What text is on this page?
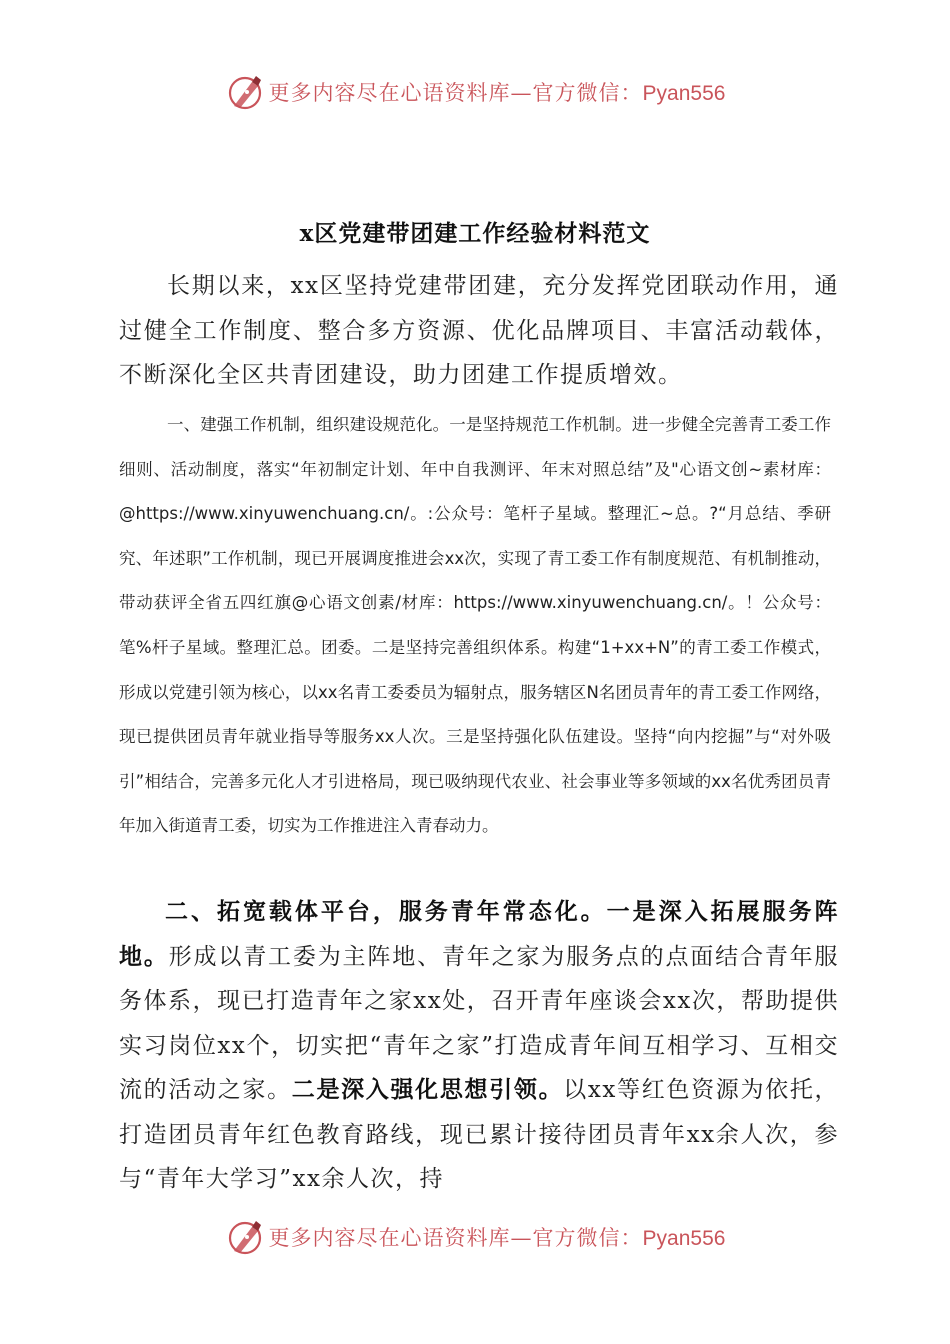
更多内容尽在心语资料库—官方微信：Pyan556
x区党建带团建工作经验材料范文

长期以来，xx区坚持党建带团建，充分发挥党团联动作用，通过健全工作制度、整合多方资源、优化品牌项目、丰富活动载体，不断深化全区共青团建设，助力团建工作提质增效。

一、建强工作机制，组织建设规范化。一是坚持规范工作机制。进一步健全完善青工委工作细则、活动制度，落实“年初制定计划、年中自我测评、年末对照总结”及"心语文创~素材库：@https://www.xinyuwenchuang.cn/。:公众号：笔杆子星域。整理汇~总。?“月总结、季研究、年述职”工作机制，现已开展调度推进会xx次，实现了青工委工作有制度规范、有机制推动，带动获评全省五四红旗@心语文创素/材库：https://www.xinyuwenchuang.cn/。！公众号：笔%杆子星域。整理汇总。团委。二是坚持完善组织体系。构建“1+xx+N”的青工委工作模式，形成以党建引领为核心，以xx名青工委委员为辐射点，服务辖区N名团员青年的青工委工作网络，现已提供团员青年就业指导等服务xx人次。三是坚持强化队伍建设。坚持“向内挖掘”与“对外吸引”相结合，完善多元化人才引进格局，现已吸纳现代农业、社会事业等多领域的xx名优秀团员青年加入街道青工委，切实为工作推进注入青春动力。

二、拓宽载体平台，服务青年常态化。一是深入拓展服务阵地。形成以青工委为主阵地、青年之家为服务点的点面结合青年服务体系，现已打造青年之家xx处，召开青年座谈会xx次，帮助提供实习岗位xx个，切实把“青年之家”打造成青年间互相学习、互相交流的活动之家。二是深入强化思想引领。以xx等红色资源为依托，打造团员青年红色教育路线，现已累计接待团员青年xx余人次，参与“青年大学习”xx余人次，持

更多内容尽在心语资料库—官方微信：Pyan556
